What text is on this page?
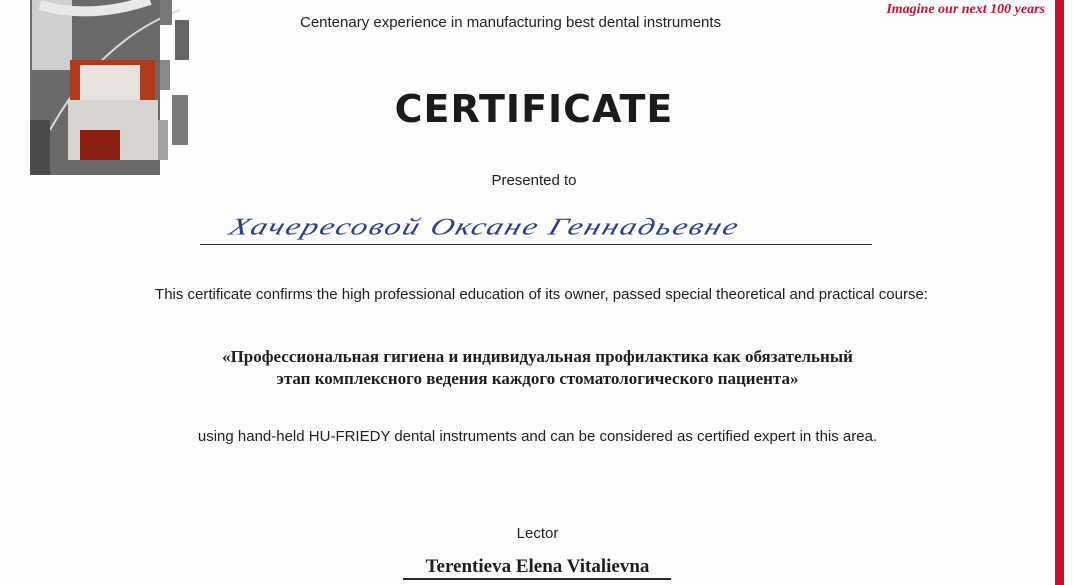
Imagine our next 100 years
Centenary experience in manufacturing best dental instruments
CERTIFICATE
Presented to
Хачересовой Оксане Геннадьевне
This certificate confirms the high professional education of its owner, passed special theoretical and practical course:
«Профессиональная гигиена и индивидуальная профилактика как обязательный
этап комплексного ведения каждого стоматологического пациента»
using hand-held HU-FRIEDY dental instruments and can be considered as certified expert in this area.
Lector
Terentieva Elena Vitalievna
